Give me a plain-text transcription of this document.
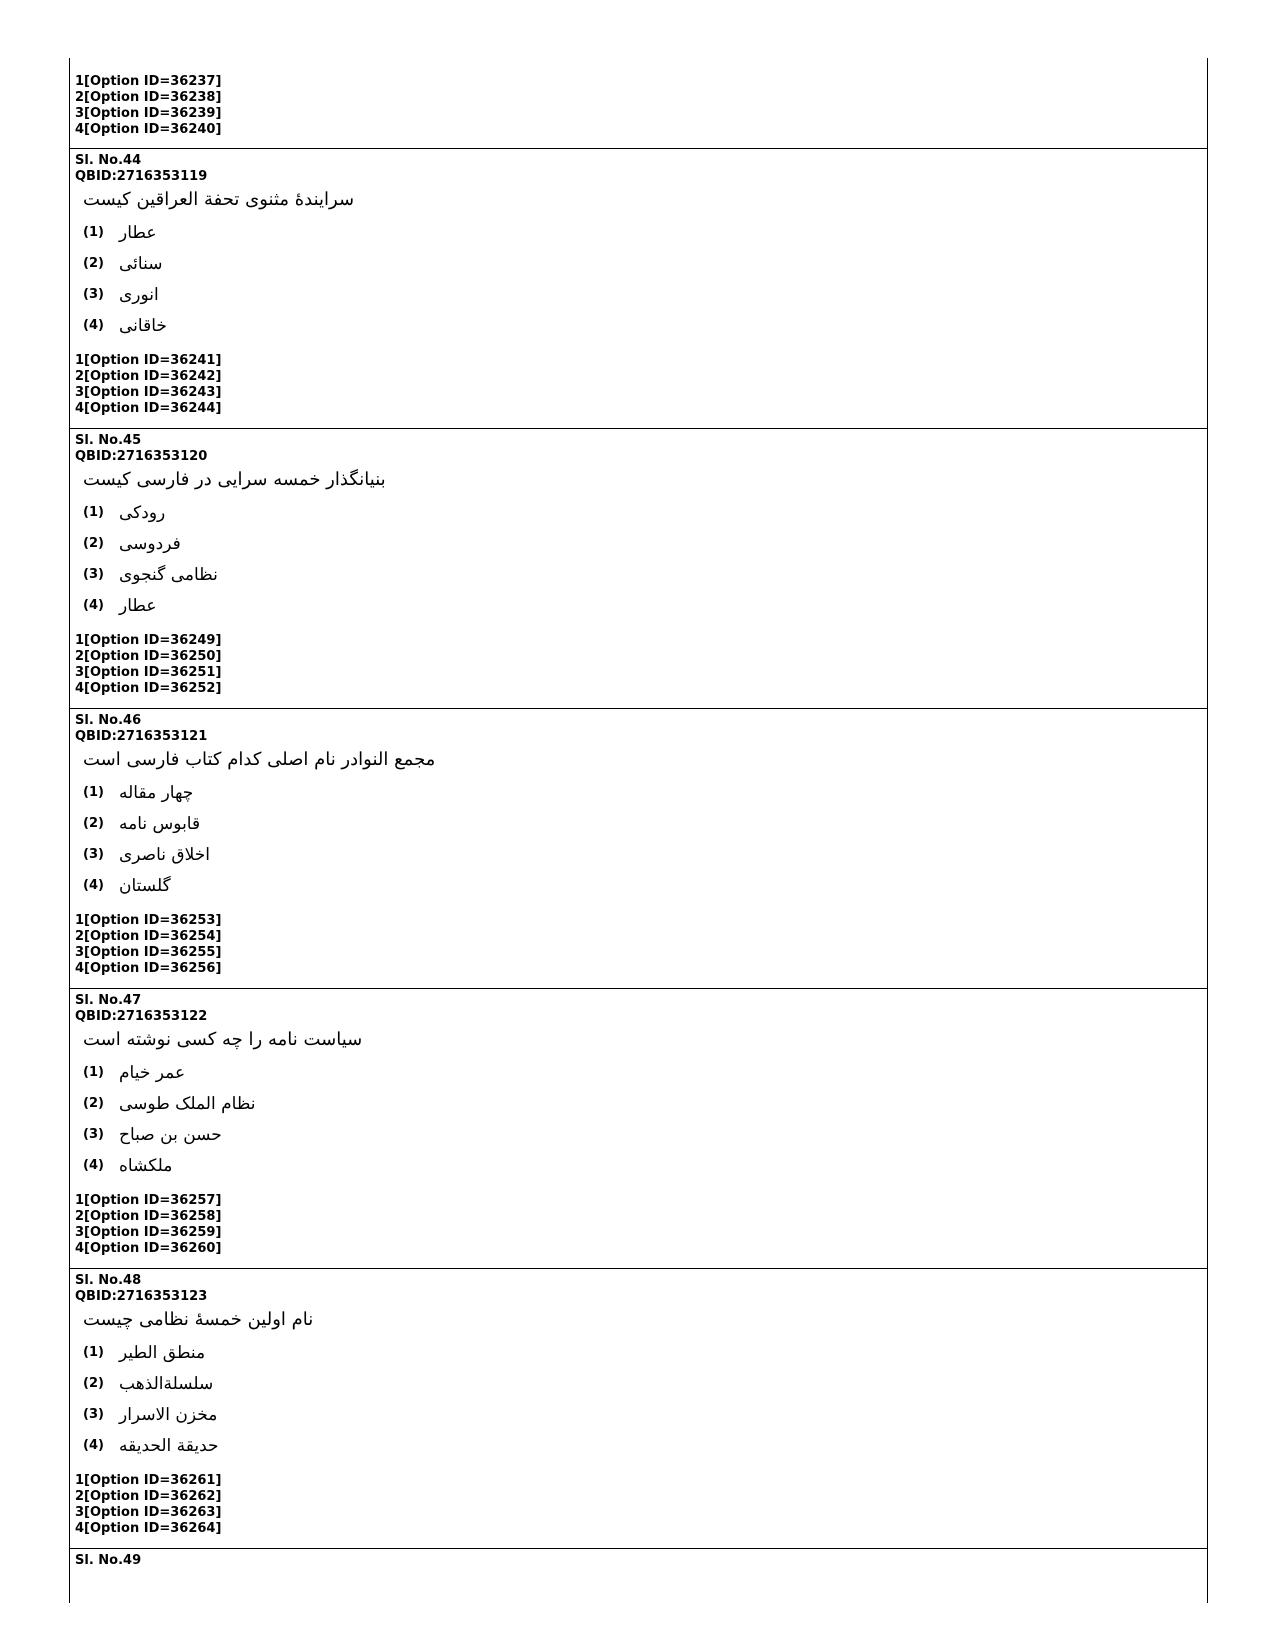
1[Option ID=36237]
2[Option ID=36238]
3[Option ID=36239]
4[Option ID=36240]
Sl. No.44
QBID:2716353119
سرایندۀ مثنوی تحفة العراقین کیست
(1) عطار
(2) سنائی
(3) انوری
(4) خاقانی
1[Option ID=36241]
2[Option ID=36242]
3[Option ID=36243]
4[Option ID=36244]
Sl. No.45
QBID:2716353120
بنیانگذار خمسه سرایی در فارسی کیست
(1) رودکی
(2) فردوسی
(3) نظامی گنجوی
(4) عطار
1[Option ID=36249]
2[Option ID=36250]
3[Option ID=36251]
4[Option ID=36252]
Sl. No.46
QBID:2716353121
مجمع النوادر نام اصلی کدام کتاب فارسی است
(1) چهار مقاله
(2) قابوس نامه
(3) اخلاق ناصری
(4) گلستان
1[Option ID=36253]
2[Option ID=36254]
3[Option ID=36255]
4[Option ID=36256]
Sl. No.47
QBID:2716353122
سیاست نامه را چه کسی نوشته است
(1) عمر خیام
(2) نظام الملک طوسی
(3) حسن بن صباح
(4) ملکشاه
1[Option ID=36257]
2[Option ID=36258]
3[Option ID=36259]
4[Option ID=36260]
Sl. No.48
QBID:2716353123
نام اولین خمسۀ نظامی چیست
(1) منطق الطیر
(2) سلسلةالذهب
(3) مخزن الاسرار
(4) حدیقة الحدیقه
1[Option ID=36261]
2[Option ID=36262]
3[Option ID=36263]
4[Option ID=36264]
Sl. No.49
